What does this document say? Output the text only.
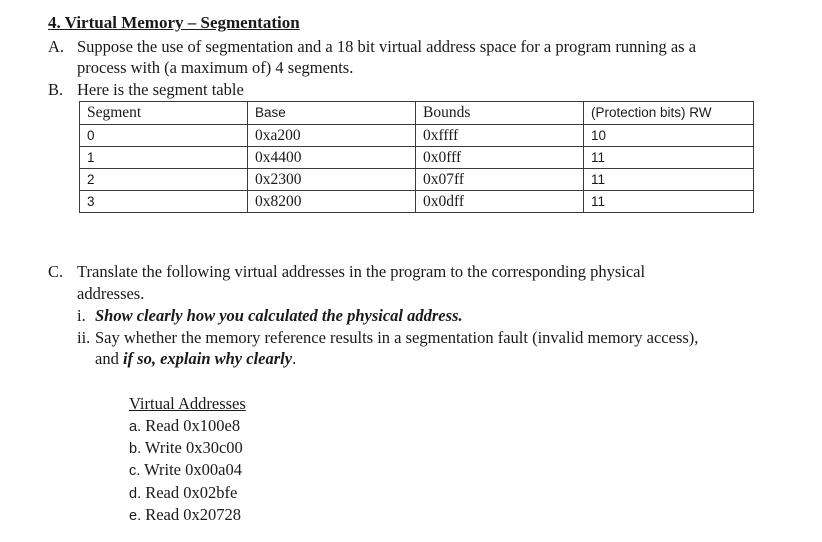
4. Virtual Memory – Segmentation
A. Suppose the use of segmentation and a 18 bit virtual address space for a program running as a
process with (a maximum of) 4 segments.
B. Here is the segment table
Segment	Base	Bounds	(Protection bits) RW
0	0xa200	0xffff	10
1	0x4400	0x0fff	11
2	0x2300	0x07ff	11
3	0x8200	0x0dff	11
C. Translate the following virtual addresses in the program to the corresponding physical
addresses.
i. Show clearly how you calculated the physical address.
ii. Say whether the memory reference results in a segmentation fault (invalid memory access),
and if so, explain why clearly.
Virtual Addresses
a. Read 0x100e8
b. Write 0x30c00
c. Write 0x00a04
d. Read 0x02bfe
e. Read 0x20728
